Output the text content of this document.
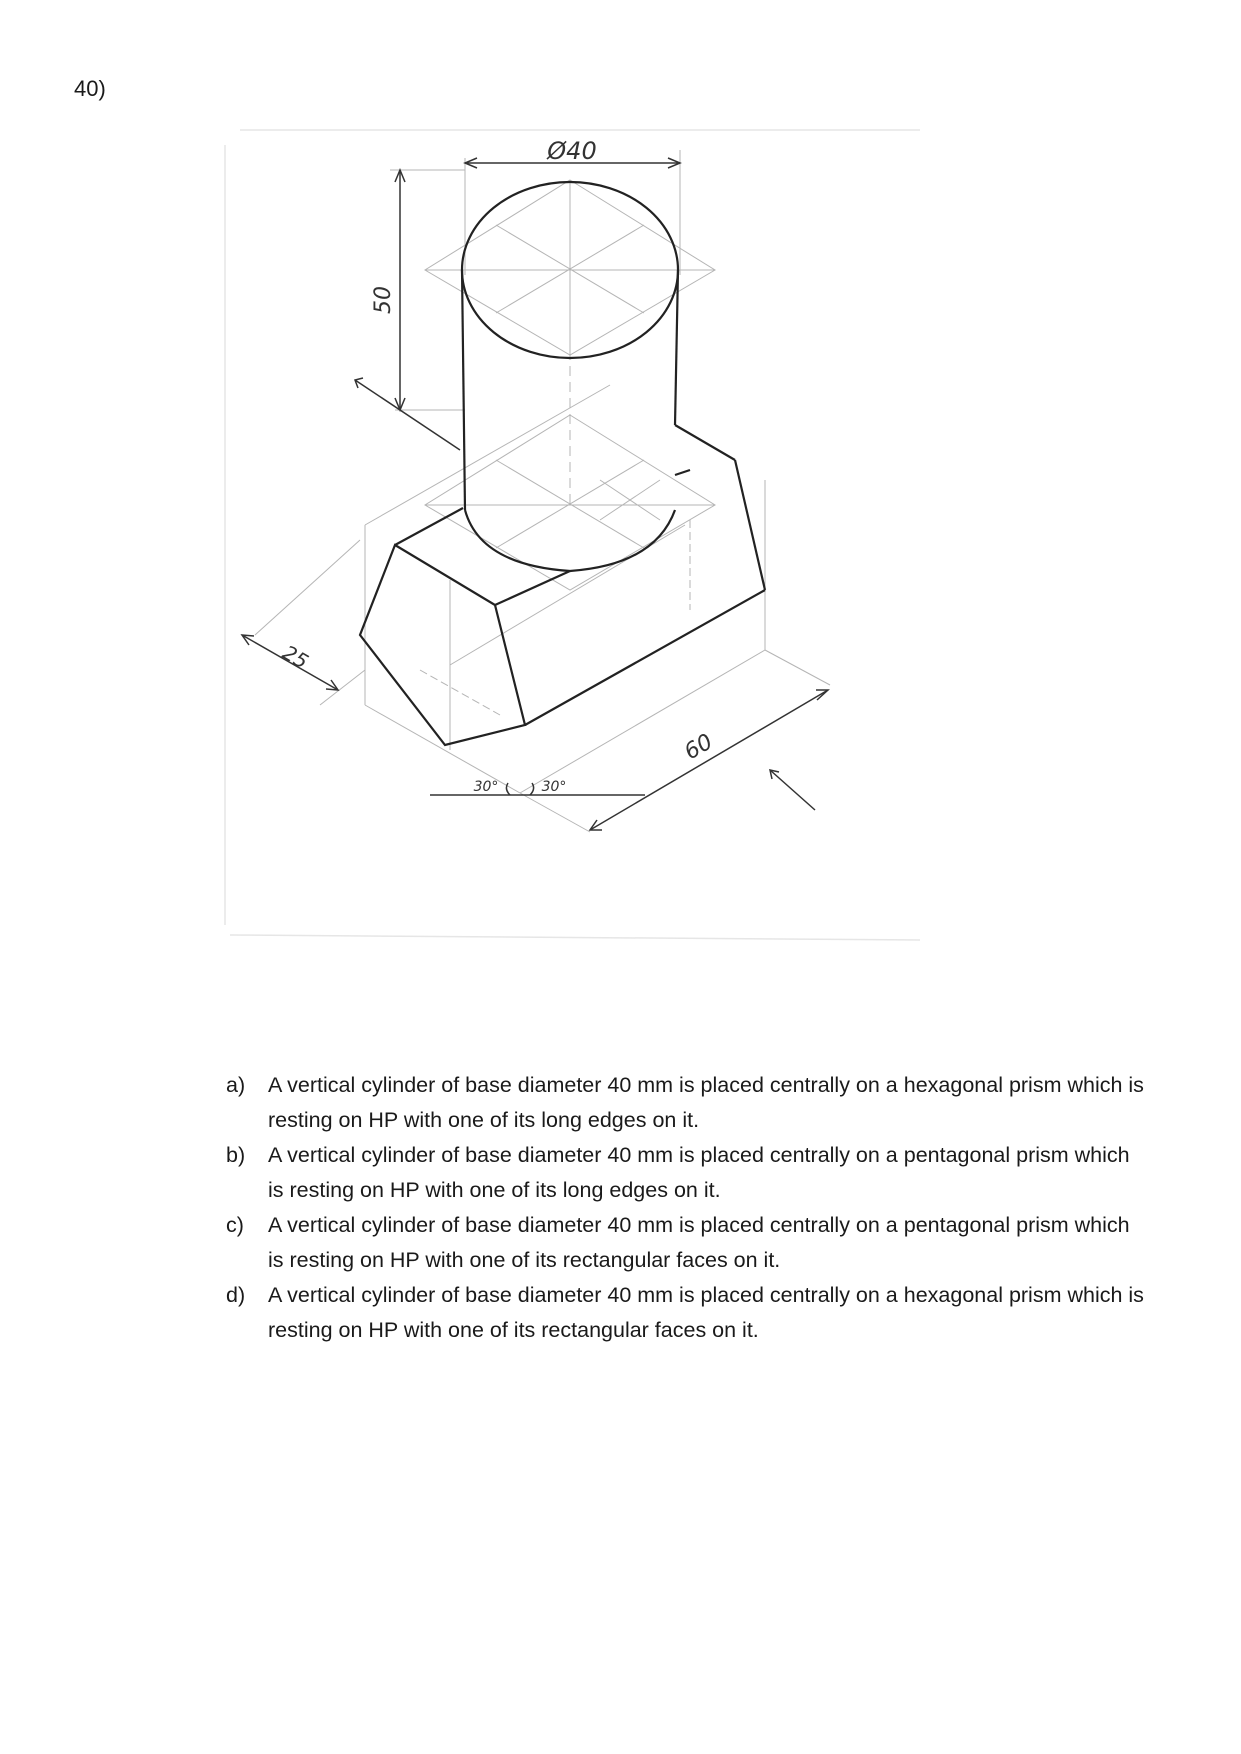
40)
Ø40
50
25
60
30°	30°
a) A vertical cylinder of base diameter 40 mm is placed centrally on a hexagonal prism which is resting on HP with one of its long edges on it.
b) A vertical cylinder of base diameter 40 mm is placed centrally on a pentagonal prism which is resting on HP with one of its long edges on it.
c) A vertical cylinder of base diameter 40 mm is placed centrally on a pentagonal prism which is resting on HP with one of its rectangular faces on it.
d) A vertical cylinder of base diameter 40 mm is placed centrally on a hexagonal prism which is resting on HP with one of its rectangular faces on it.
